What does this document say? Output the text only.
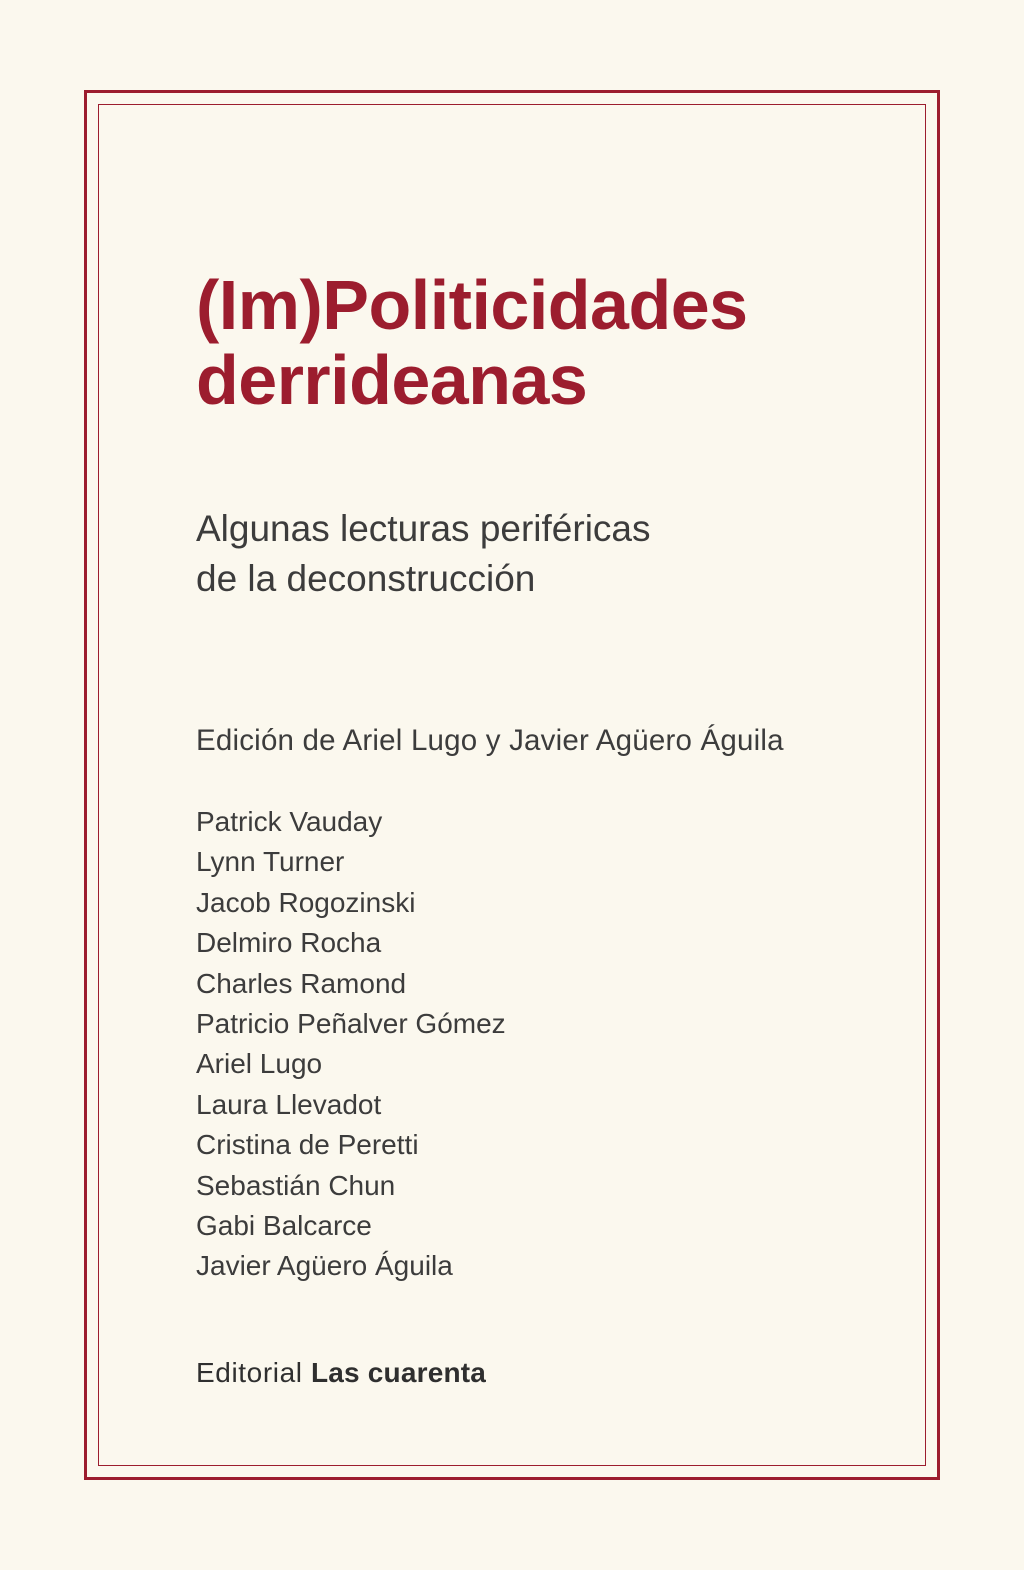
(Im)Politicidades
derrideanas
Algunas lecturas periféricas
de la deconstrucción
Edición de Ariel Lugo y Javier Agüero Águila
Patrick Vauday
Lynn Turner
Jacob Rogozinski
Delmiro Rocha
Charles Ramond
Patricio Peñalver Gómez
Ariel Lugo
Laura Llevadot
Cristina de Peretti
Sebastián Chun
Gabi Balcarce
Javier Agüero Águila
Editorial Las cuarenta
